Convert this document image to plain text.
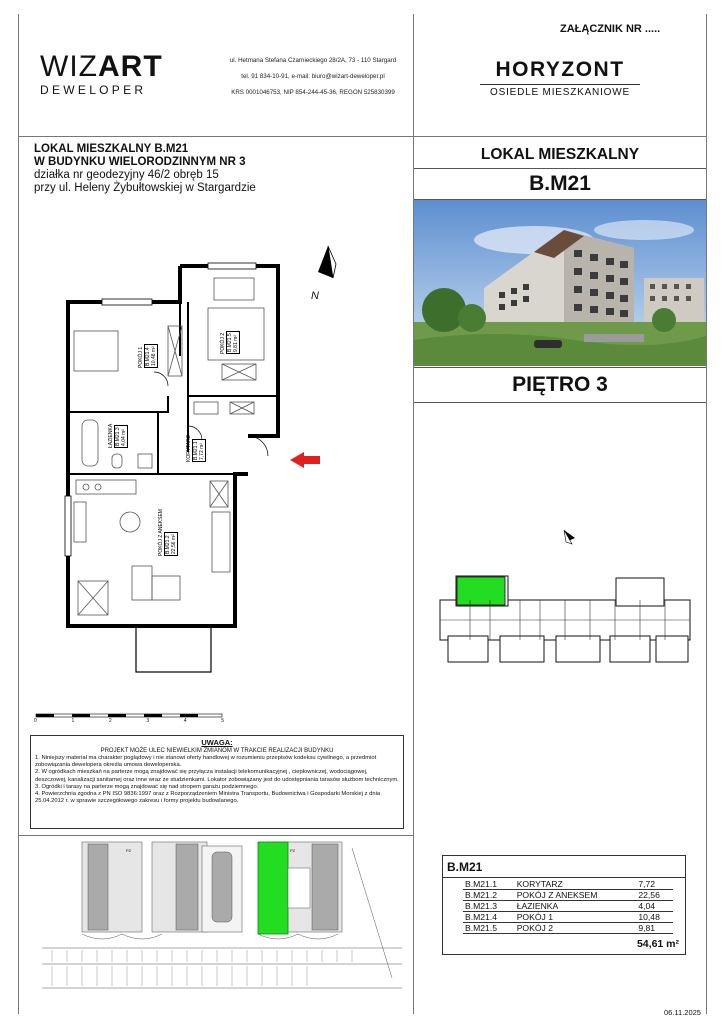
WIZART
DEWELOPER
ul. Hetmana Stefana Czarnieckiego 28/2A, 73 - 110 Stargard
tel. 91 834-10-91, e-mail: biuro@wizart-deweloper.pl
KRS 0001046753, NIP 854-244-45-36, REGON 525830399
ZAŁĄCZNIK NR .....
HORYZONT
OSIEDLE MIESZKANIOWE
LOKAL MIESZKALNY B.M21
W BUDYNKU WIELORODZINNYM NR 3
działka nr geodezyjny 46/2 obręb 15
przy ul. Heleny Żybułtowskiej w Stargardzie
LOKAL MIESZKALNY
B.M21
PIĘTRO 3
N
POKÓJ 1 B.M21.4
10,48 m²
POKÓJ 2 B.M21.5
9,81 m²
ŁAZIENKA B.M21.3
4,04 m²	KORYTARZ B.M21.1
7,72 m²
POKÓJ Z ANEKSEM B.M21.2
22,56 m²
0	1	2	3	4	5
UWAGA:
PROJEKT MOŻE ULEC NIEWIELKIM ZMIANOM W TRAKCIE REALIZACJI BUDYNKU
1. Niniejszy materiał ma charakter poglądowy i nie stanowi oferty handlowej w rozumieniu przepisów kodeksu cywilnego, a przedmiot zobowiązania dewelopera określa umowa deweloperska.
2. W ogródkach mieszkań na parterze mogą znajdować się przyłącza instalacji telekomunikacyjnej , ciepłowniczej, wodociągowej, deszczowej, kanalizacji sanitarnej oraz inne wraz ze studzienkami. Lokator zobowiązany jest do udostępniania tarasów służbom technicznym.
3. Ogródki i tarasy na parterze mogą znajdować się nad stropem garażu podziemnego.
4. Powierzchnia zgodna z PN ISO 9836:1997 oraz z Rozporządzeniem Ministra Transportu, Budownictwa i Gospodarki Morskiej z dnia 25.04.2012 r. w sprawie szczegółowego zakresu i formy projektu budowlanego.
PZ	PZ
B.M21
B.M21.1	KORYTARZ	7,72
B.M21.2	POKÓJ Z ANEKSEM	22,56
B.M21.3	ŁAZIENKA	4,04
B.M21.4	POKÓJ 1	10,48
B.M21.5	POKÓJ 2	9,81
54,61 m²
06.11.2025
